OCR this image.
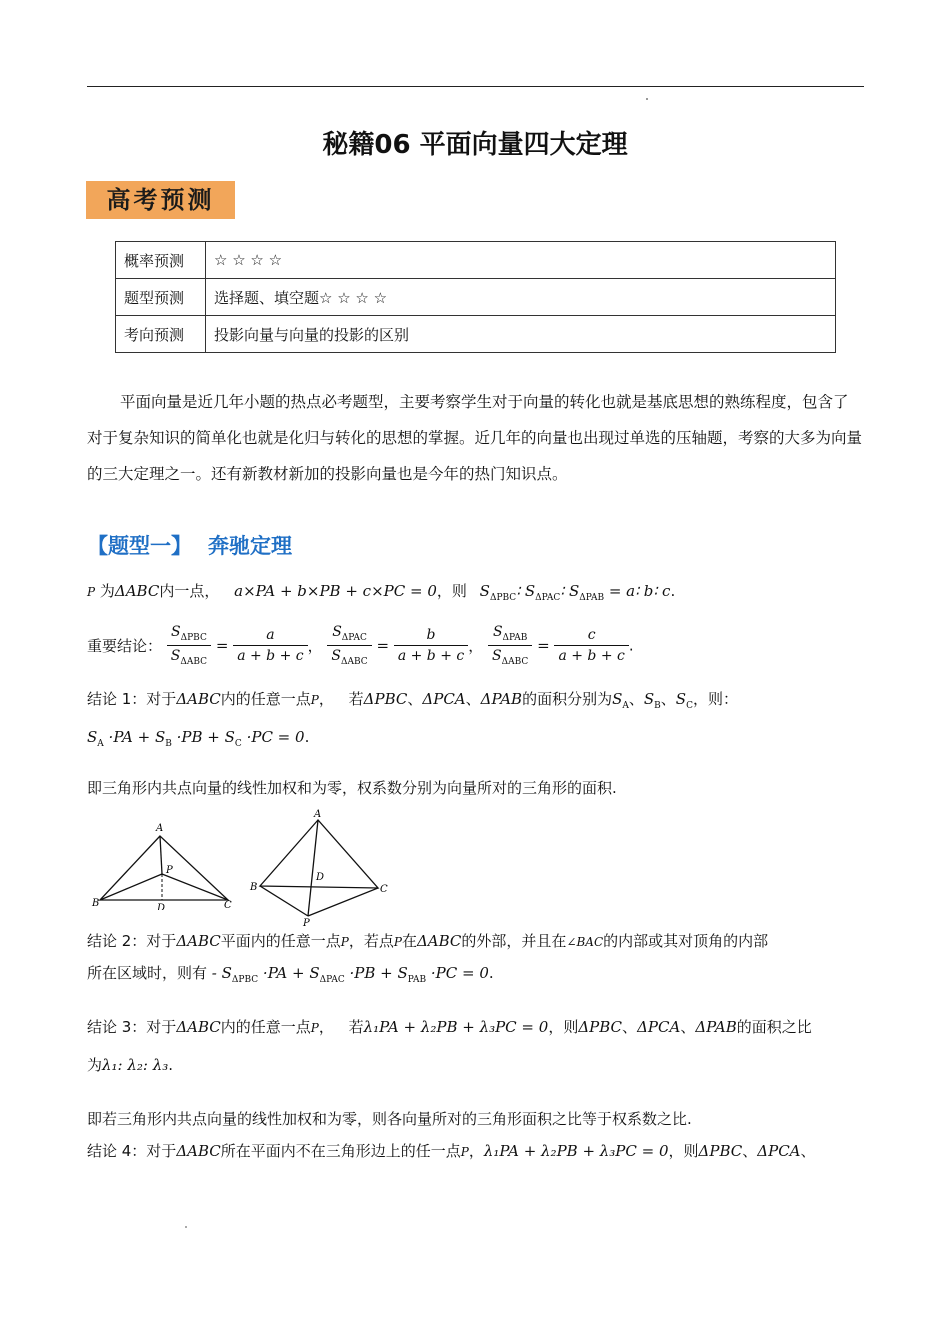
秘籍06 平面向量四大定理
高考预测
概率预测	☆ ☆ ☆ ☆
题型预测	选择题、填空题☆ ☆ ☆ ☆
考向预测	投影向量与向量的投影的区别
平面向量是近几年小题的热点必考题型，主要考察学生对于向量的转化也就是基底思想的熟练程度，包含了对于复杂知识的简单化也就是化归与转化的思想的掌握。近几年的向量也出现过单选的压轴题，考察的大多为向量的三大定理之一。还有新教材新加的投影向量也是今年的热门知识点。
【题型一】 奔驰定理
P 为ΔABC内一点， a×PA + b×PB + c×PC = 0，则 $S_{\Delta PBC}∶$ $S_{\Delta PAC}∶$ $S_{\Delta PAB}$ = a∶ b∶ c.
重要结论： $\frac{S_{\Delta PBC}}{S_{\Delta ABC}} = \frac{a}{a + b + c}$ ， $\frac{S_{\Delta PAC}}{S_{\Delta ABC}} = \frac{b}{a + b + c}$ ， $\frac{S_{\Delta PAB}}{S_{\Delta ABC}} = \frac{c}{a + b + c}$ .
结论 1：对于ΔABC内的任意一点P， 若ΔPBC、ΔPCA、ΔPAB的面积分别为$S_A$、$S_B$、$S_C$，则：
$S_A \cdot PA + S_B \cdot PB + S_C \cdot PC = 0$.
即三角形内共点向量的线性加权和为零，权系数分别为向量所对的三角形的面积.
A
B	C
P
D
A
B	C
D
P
结论 2：对于ΔABC平面内的任意一点P，若点P在ΔABC的外部，并且在∠BAC的内部或其对顶角的内部
所在区域时，则有 - $S_{\Delta PBC} \cdot PA + S_{\Delta PAC} \cdot PB + S_{PAB} \cdot PC = 0$.
结论 3：对于ΔABC内的任意一点P， 若λ₁PA + λ₂PB + λ₃PC = 0，则ΔPBC、ΔPCA、ΔPAB的面积之比
为λ₁: λ₂: λ₃.
即若三角形内共点向量的线性加权和为零，则各向量所对的三角形面积之比等于权系数之比.
结论 4：对于ΔABC所在平面内不在三角形边上的任一点P，λ₁PA + λ₂PB + λ₃PC = 0，则ΔPBC、ΔPCA、
